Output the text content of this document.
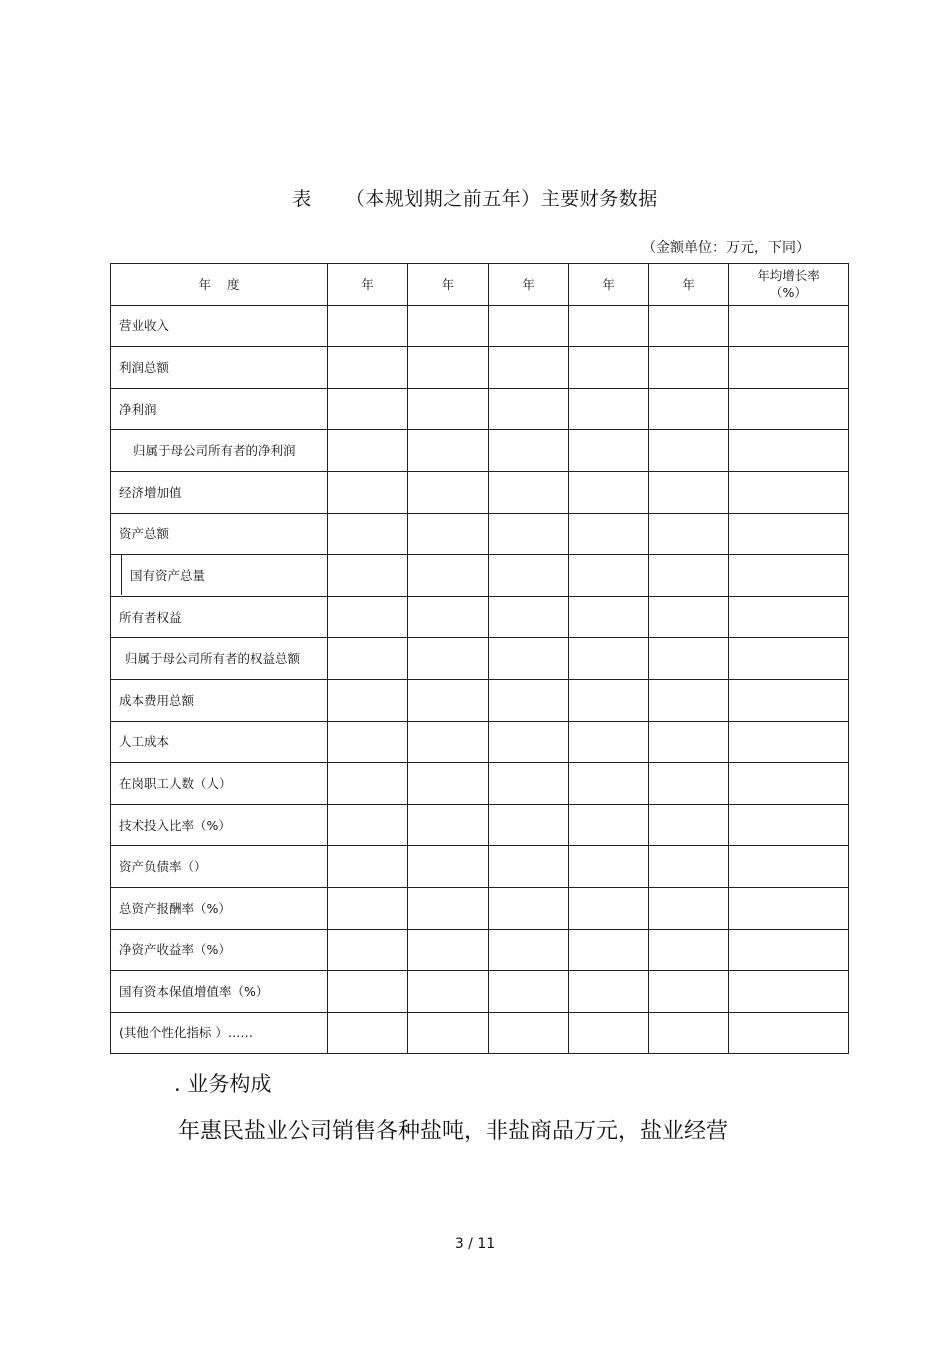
表 （本规划期之前五年）主要财务数据
（金额单位：万元，下同）
年    度	年	年	年	年	年	年均增长率
（%）

营业收入						
利润总额						
净利润						
归属于母公司所有者的净利润						
经济增加值						
资产总额						

国有资产总量						

所有者权益						
归属于母公司所有者的权益总额						
成本费用总额						
人工成本						
在岗职工人数（人）						
技术投入比率（%）						
资产负债率（）						
总资产报酬率（%）						
净资产收益率（%）						
国有资本保值增值率（%）						
(其他个性化指标 ）……						
. 业务构成
年惠民盐业公司销售各种盐吨，非盐商品万元，盐业经营
3 / 11
